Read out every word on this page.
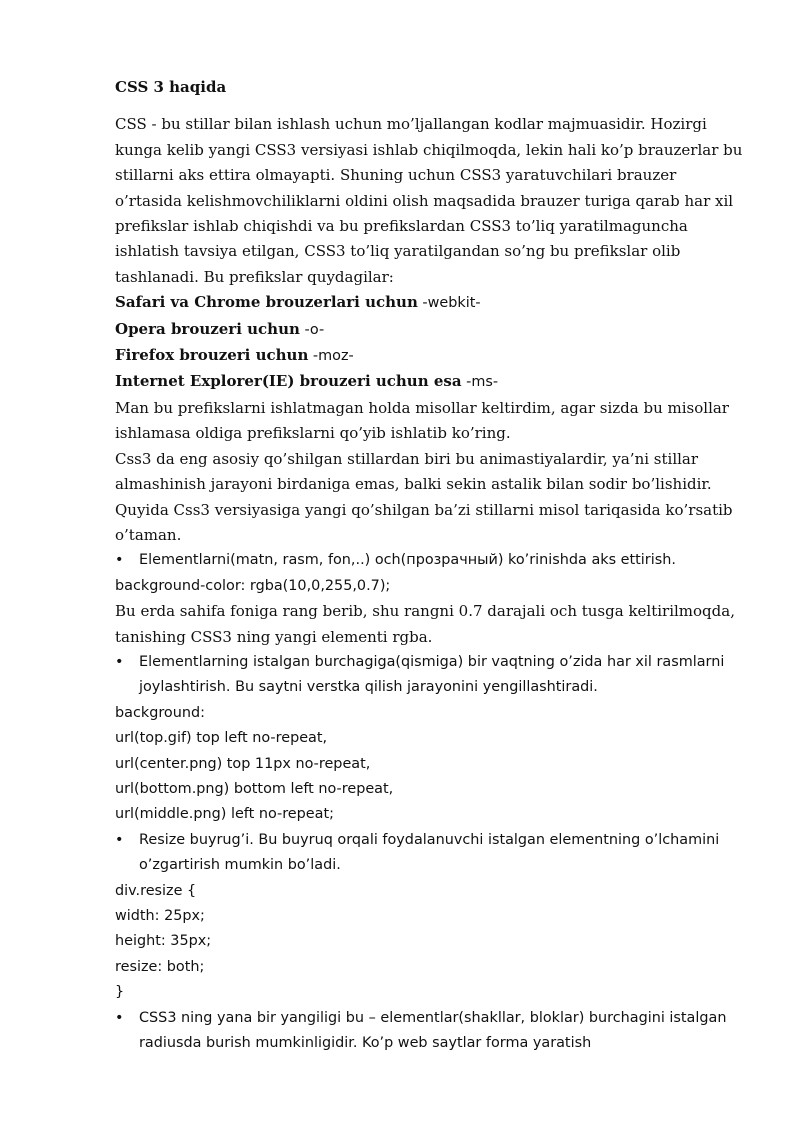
CSS 3 haqida

CSS - bu stillar bilan ishlash uchun mo’ljallangan kodlar majmuasidir. Hozirgi kunga kelib yangi CSS3 versiyasi ishlab chiqilmoqda, lekin hali ko’p brauzerlar bu stillarni aks ettira olmayapti. Shuning uchun CSS3 yaratuvchilari brauzer o’rtasida kelishmovchiliklarni oldini olish maqsadida brauzer turiga qarab har xil prefikslar ishlab chiqishdi va bu prefikslardan CSS3 to’liq yaratilmaguncha ishlatish tavsiya etilgan, CSS3 to’liq yaratilgandan so’ng bu prefikslar olib tashlanadi. Bu prefikslar quydagilar:

Safari va Chrome brouzerlari uchun -webkit-

Opera brouzeri uchun -o-

Firefox brouzeri uchun -moz-

Internet Explorer(IE) brouzeri uchun esa -ms-

Man bu prefikslarni ishlatmagan holda misollar keltirdim, agar sizda bu misollar ishlamasa oldiga prefikslarni qo’yib ishlatib ko’ring.

Css3 da eng asosiy qo’shilgan stillardan biri bu animastiyalardir, ya’ni stillar almashinish jarayoni birdaniga emas, balki sekin astalik bilan sodir bo’lishidir. Quyida Css3 versiyasiga yangi qo’shilgan ba’zi stillarni misol tariqasida ko’rsatib o’taman.

• Elementlarni(matn, rasm, fon,..) och(прозрачный) ko’rinishda aks ettirish.

background-color: rgba(10,0,255,0.7);

Bu erda sahifa foniga rang berib, shu rangni 0.7 darajali och tusga keltirilmoqda, tanishing CSS3 ning yangi elementi rgba.

• Elementlarning istalgan burchagiga(qismiga) bir vaqtning o’zida har xil rasmlarni joylashtirish. Bu saytni verstka qilish jarayonini yengillashtiradi.

background:

url(top.gif) top left no-repeat,

url(center.png) top 11px no-repeat,

url(bottom.png) bottom left no-repeat,

url(middle.png) left no-repeat;

• Resize buyrug’i. Bu buyruq orqali foydalanuvchi istalgan elementning o’lchamini o’zgartirish mumkin bo’ladi.

div.resize {

width: 25px;

height: 35px;

resize: both;

}

• CSS3 ning yana bir yangiligi bu – elementlar(shakllar, bloklar) burchagini istalgan radiusda burish mumkinligidir. Ko’p web saytlar forma yaratish
